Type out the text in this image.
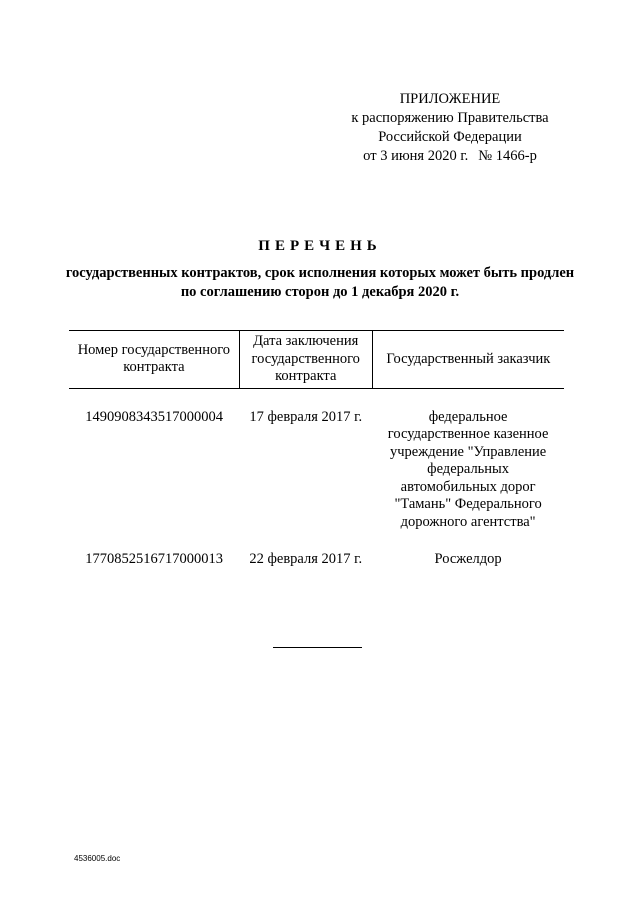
ПРИЛОЖЕНИЕ
к распоряжению Правительства
Российской Федерации
от 3 июня 2020 г. № 1466-р
ПЕРЕЧЕНЬ
государственных контрактов, срок исполнения которых может быть продлен по соглашению сторон до 1 декабря 2020 г.
Номер государственного контракта	Дата заключения государственного контракта	Государственный заказчик
1490908343517000004	17 февраля 2017 г.	федеральное государственное казенное учреждение "Управление федеральных автомобильных дорог "Тамань" Федерального дорожного агентства"
1770852516717000013	22 февраля 2017 г.	Росжелдор
4536005.doc
